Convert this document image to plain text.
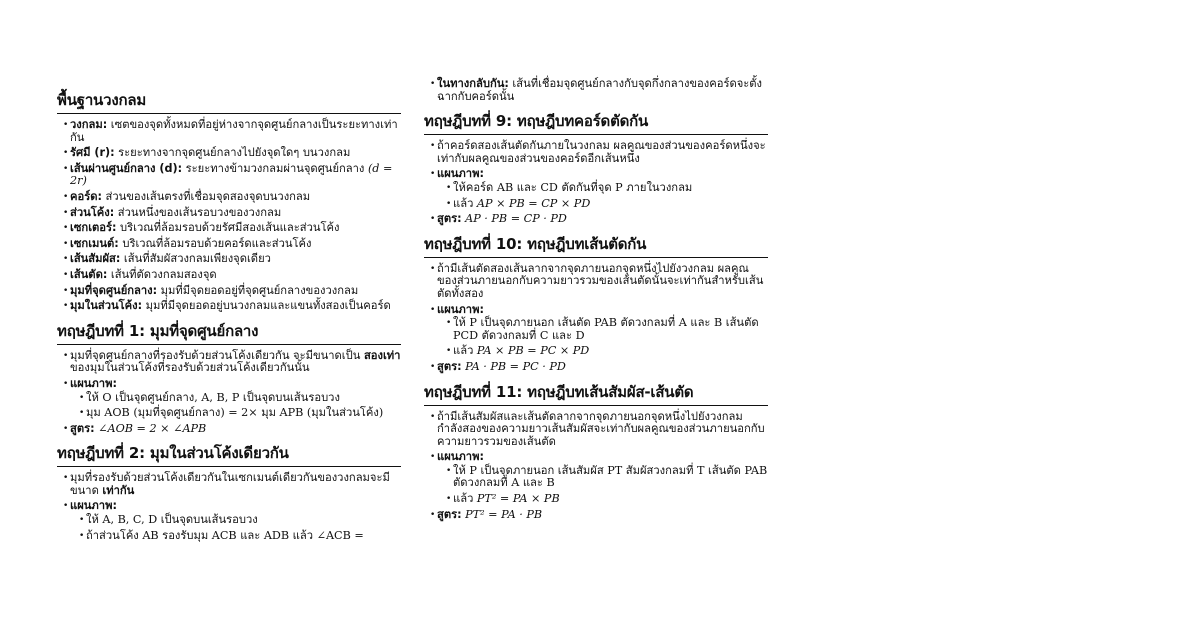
พื้นฐานวงกลม
• วงกลม: เซตของจุดทั้งหมดที่อยู่ห่างจากจุดศูนย์กลางเป็นระยะทางเท่ากัน
• รัศมี (r): ระยะทางจากจุดศูนย์กลางไปยังจุดใดๆ บนวงกลม
• เส้นผ่านศูนย์กลาง (d): ระยะทางข้ามวงกลมผ่านจุดศูนย์กลาง (d = 2r)
• คอร์ด: ส่วนของเส้นตรงที่เชื่อมจุดสองจุดบนวงกลม
• ส่วนโค้ง: ส่วนหนึ่งของเส้นรอบวงของวงกลม
• เซกเตอร์: บริเวณที่ล้อมรอบด้วยรัศมีสองเส้นและส่วนโค้ง
• เซกเมนต์: บริเวณที่ล้อมรอบด้วยคอร์ดและส่วนโค้ง
• เส้นสัมผัส: เส้นที่สัมผัสวงกลมเพียงจุดเดียว
• เส้นตัด: เส้นที่ตัดวงกลมสองจุด
• มุมที่จุดศูนย์กลาง: มุมที่มีจุดยอดอยู่ที่จุดศูนย์กลางของวงกลม
• มุมในส่วนโค้ง: มุมที่มีจุดยอดอยู่บนวงกลมและแขนทั้งสองเป็นคอร์ด
ทฤษฎีบทที่ 1: มุมที่จุดศูนย์กลาง
• มุมที่จุดศูนย์กลางที่รองรับด้วยส่วนโค้งเดียวกัน จะมีขนาดเป็น สองเท่า ของมุมในส่วนโค้งที่รองรับด้วยส่วนโค้งเดียวกันนั้น
• แผนภาพ:
• ให้ O เป็นจุดศูนย์กลาง, A, B, P เป็นจุดบนเส้นรอบวง
• มุม AOB (มุมที่จุดศูนย์กลาง) = 2× มุม APB (มุมในส่วนโค้ง)
• สูตร: ∠AOB = 2 × ∠APB
ทฤษฎีบทที่ 2: มุมในส่วนโค้งเดียวกัน
• มุมที่รองรับด้วยส่วนโค้งเดียวกันในเซกเมนต์เดียวกันของวงกลมจะมีขนาด เท่ากัน
• แผนภาพ:
• ให้ A, B, C, D เป็นจุดบนเส้นรอบวง
• ถ้าส่วนโค้ง AB รองรับมุม ACB และ ADB แล้ว ∠ACB =
• ในทางกลับกัน: เส้นที่เชื่อมจุดศูนย์กลางกับจุดกึ่งกลางของคอร์ดจะตั้งฉากกับคอร์ดนั้น
ทฤษฎีบทที่ 9: ทฤษฎีบทคอร์ดตัดกัน
• ถ้าคอร์ดสองเส้นตัดกันภายในวงกลม ผลคูณของส่วนของคอร์ดหนึ่งจะเท่ากับผลคูณของส่วนของคอร์ดอีกเส้นหนึ่ง
• แผนภาพ:
• ให้คอร์ด AB และ CD ตัดกันที่จุด P ภายในวงกลม
• แล้ว AP × PB = CP × PD
• สูตร: AP · PB = CP · PD
ทฤษฎีบทที่ 10: ทฤษฎีบทเส้นตัดกัน
• ถ้ามีเส้นตัดสองเส้นลากจากจุดภายนอกจุดหนึ่งไปยังวงกลม ผลคูณของส่วนภายนอกกับความยาวรวมของเส้นตัดนั้นจะเท่ากันสำหรับเส้นตัดทั้งสอง
• แผนภาพ:
• ให้ P เป็นจุดภายนอก เส้นตัด PAB ตัดวงกลมที่ A และ B เส้นตัด PCD ตัดวงกลมที่ C และ D
• แล้ว PA × PB = PC × PD
• สูตร: PA · PB = PC · PD
ทฤษฎีบทที่ 11: ทฤษฎีบทเส้นสัมผัส-เส้นตัด
• ถ้ามีเส้นสัมผัสและเส้นตัดลากจากจุดภายนอกจุดหนึ่งไปยังวงกลม กำลังสองของความยาวเส้นสัมผัสจะเท่ากับผลคูณของส่วนภายนอกกับความยาวรวมของเส้นตัด
• แผนภาพ:
• ให้ P เป็นจุดภายนอก เส้นสัมผัส PT สัมผัสวงกลมที่ T เส้นตัด PAB ตัดวงกลมที่ A และ B
• แล้ว PT² = PA × PB
• สูตร: PT² = PA · PB
